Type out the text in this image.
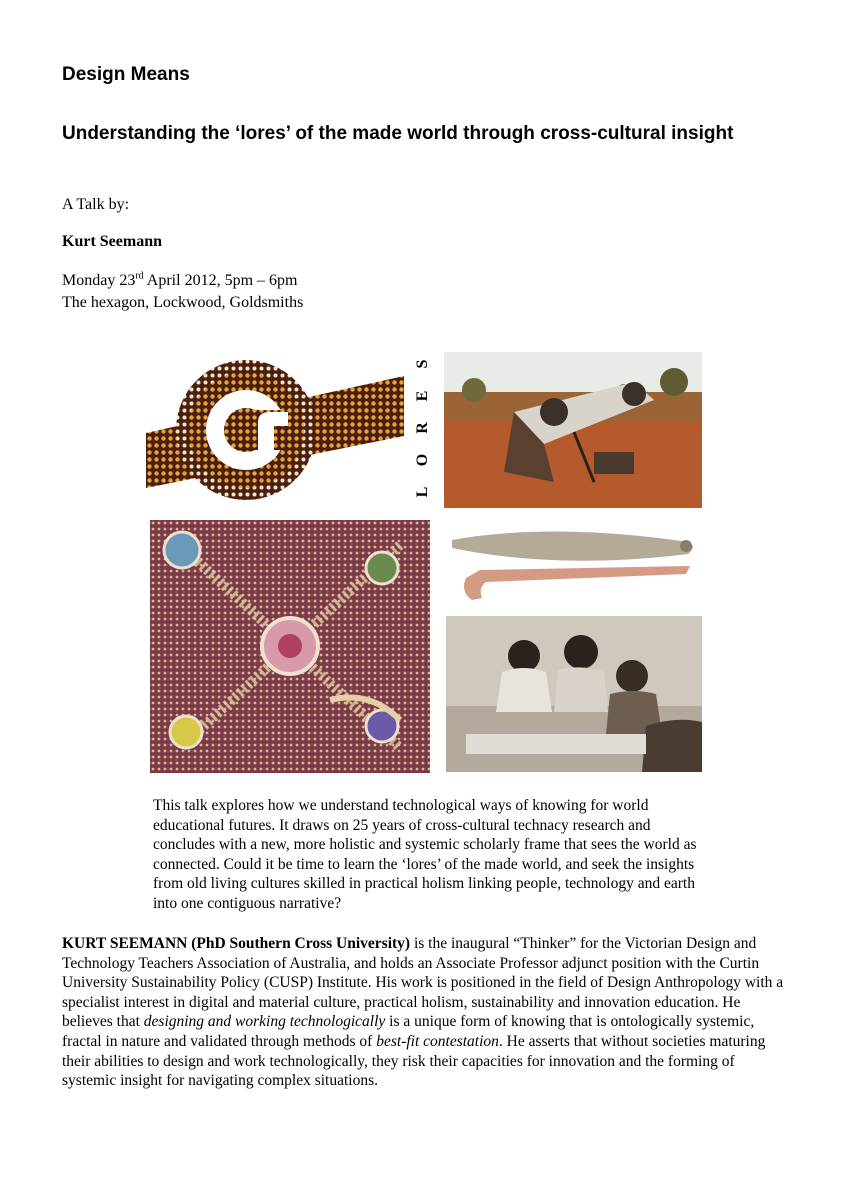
Design Means
Understanding the ‘lores’ of the made world through cross-cultural insight
A Talk by:
Kurt Seemann
Monday 23rd April 2012, 5pm – 6pm
The hexagon, Lockwood, Goldsmiths
S
E
R
O
L

This talk explores how we understand technological ways of knowing for world educational futures. It draws on 25 years of cross-cultural technacy research and concludes with a new, more holistic and systemic scholarly frame that sees the world as connected. Could it be time to learn the ‘lores’ of the made world, and seek the insights from old living cultures skilled in practical holism linking people, technology and earth into one contiguous narrative?

KURT SEEMANN (PhD Southern Cross University) is the inaugural “Thinker” for the Victorian Design and Technology Teachers Association of Australia, and holds an Associate Professor adjunct position with the Curtin University Sustainability Policy (CUSP) Institute. His work is positioned in the field of Design Anthropology with a specialist interest in digital and material culture, practical holism, sustainability and innovation education. He believes that designing and working technologically is a unique form of knowing that is ontologically systemic, fractal in nature and validated through methods of best-fit contestation. He asserts that without societies maturing their abilities to design and work technologically, they risk their capacities for innovation and the forming of systemic insight for navigating complex situations.
